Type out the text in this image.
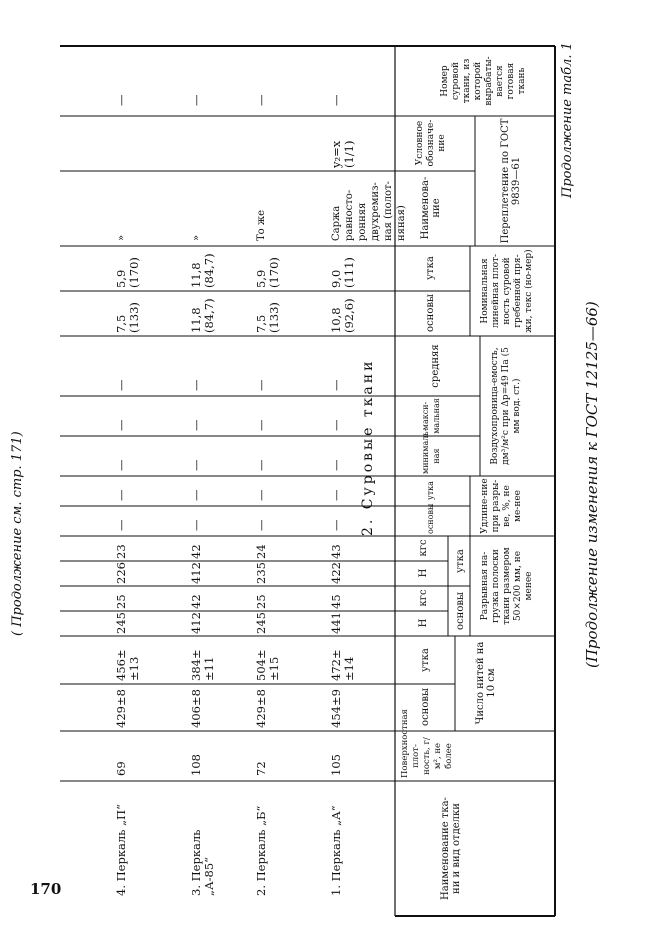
170
(Продолжение изменения к ГОСТ 12125—66)
Продолжение табл. 1
( Продолжение см. стр. 171)
Наименование тка-ни и вид отделки
Поверхностная плот-ность, г/м², не более
Число нитей на 10 см
основы
утка
Разрывная на-грузка полоски ткани размером 50×200 мм, не менее
основы
утка
Н
кгс
Н
кгс
Удлине-ние при разры-ве, %, не ме-нее
основы
утка
Воздухопроница-емость, дм³/м²с при Δp=49 Па (5 мм вод. ст.)
минималь-ная
макси-мальная
средняя
Номинальная линейная плот-ность суровой гребенной пря-жи, текс (но-мер)
основы
утка
Переплетение по ГОСТ 9839—61
Наименова-ние
Условное обозначе-ние
Номер суровой ткани, из которой вырабаты-вается готовая ткань
2. Суровые ткани
1. Перкаль „А“
105
454±9
472±
±14
441
45
422
43
—
—
—
—
—
10,8
(92,6)
9,0
(111)
Саржа
равносто-
ронняя
двухремиз-
ная (полот-
няная)
y₂=x
(1/1)
—
2. Перкаль „Б“
72
429±8
504±
±15
245
25
235
24
—
—
—
—
—
7,5
(133)
5,9
(170)
То же
—
3. Перкаль
„А-85“
108
406±8
384±
±11
412
42
412
42
—
—
—
—
—
11,8
(84,7)
11,8
(84,7)
»
—
4. Перкаль „П“
69
429±8
456±
±13
245
25
226
23
—
—
—
—
—
7,5
(133)
5,9
(170)
»
—
